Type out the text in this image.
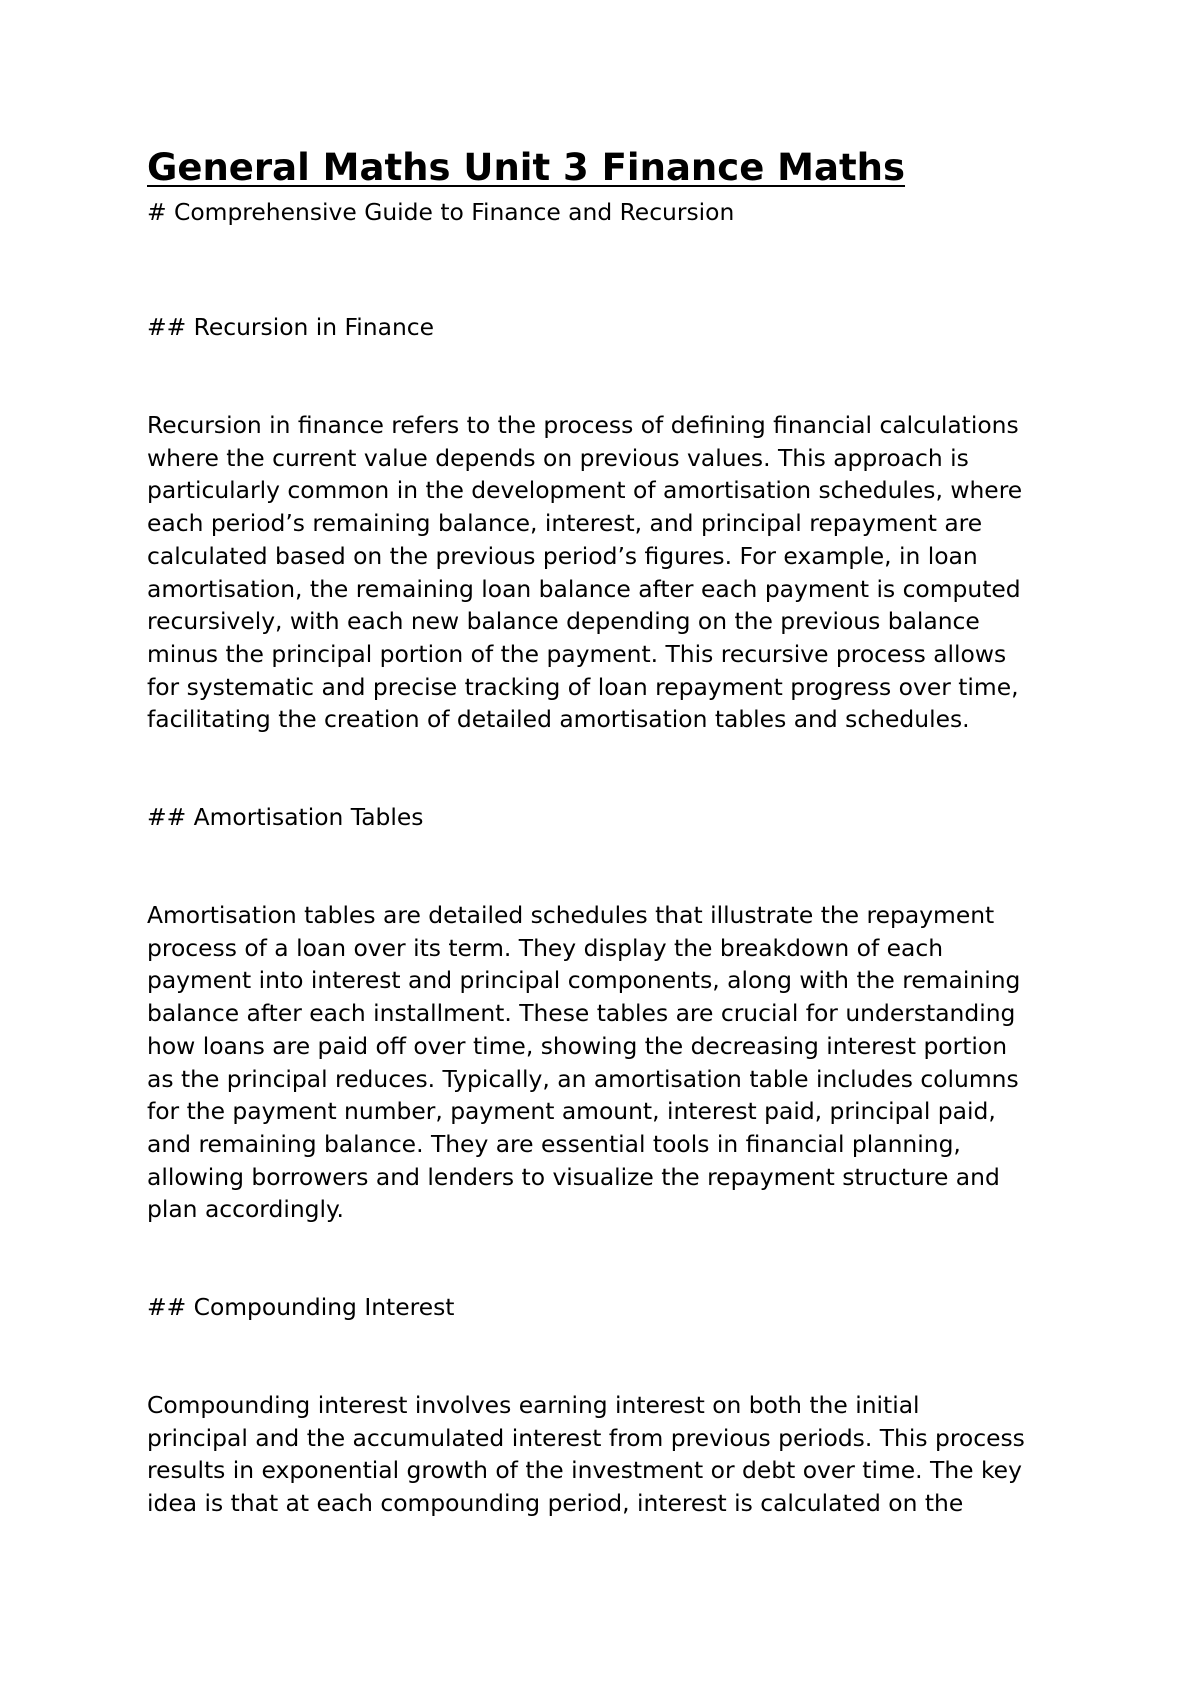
General Maths Unit 3 Finance Maths

# Comprehensive Guide to Finance and Recursion

## Recursion in Finance

Recursion in finance refers to the process of defining financial calculations
where the current value depends on previous values. This approach is
particularly common in the development of amortisation schedules, where
each period’s remaining balance, interest, and principal repayment are
calculated based on the previous period’s figures. For example, in loan
amortisation, the remaining loan balance after each payment is computed
recursively, with each new balance depending on the previous balance
minus the principal portion of the payment. This recursive process allows
for systematic and precise tracking of loan repayment progress over time,
facilitating the creation of detailed amortisation tables and schedules.

## Amortisation Tables

Amortisation tables are detailed schedules that illustrate the repayment
process of a loan over its term. They display the breakdown of each
payment into interest and principal components, along with the remaining
balance after each installment. These tables are crucial for understanding
how loans are paid off over time, showing the decreasing interest portion
as the principal reduces. Typically, an amortisation table includes columns
for the payment number, payment amount, interest paid, principal paid,
and remaining balance. They are essential tools in financial planning,
allowing borrowers and lenders to visualize the repayment structure and
plan accordingly.

## Compounding Interest

Compounding interest involves earning interest on both the initial
principal and the accumulated interest from previous periods. This process
results in exponential growth of the investment or debt over time. The key
idea is that at each compounding period, interest is calculated on the
